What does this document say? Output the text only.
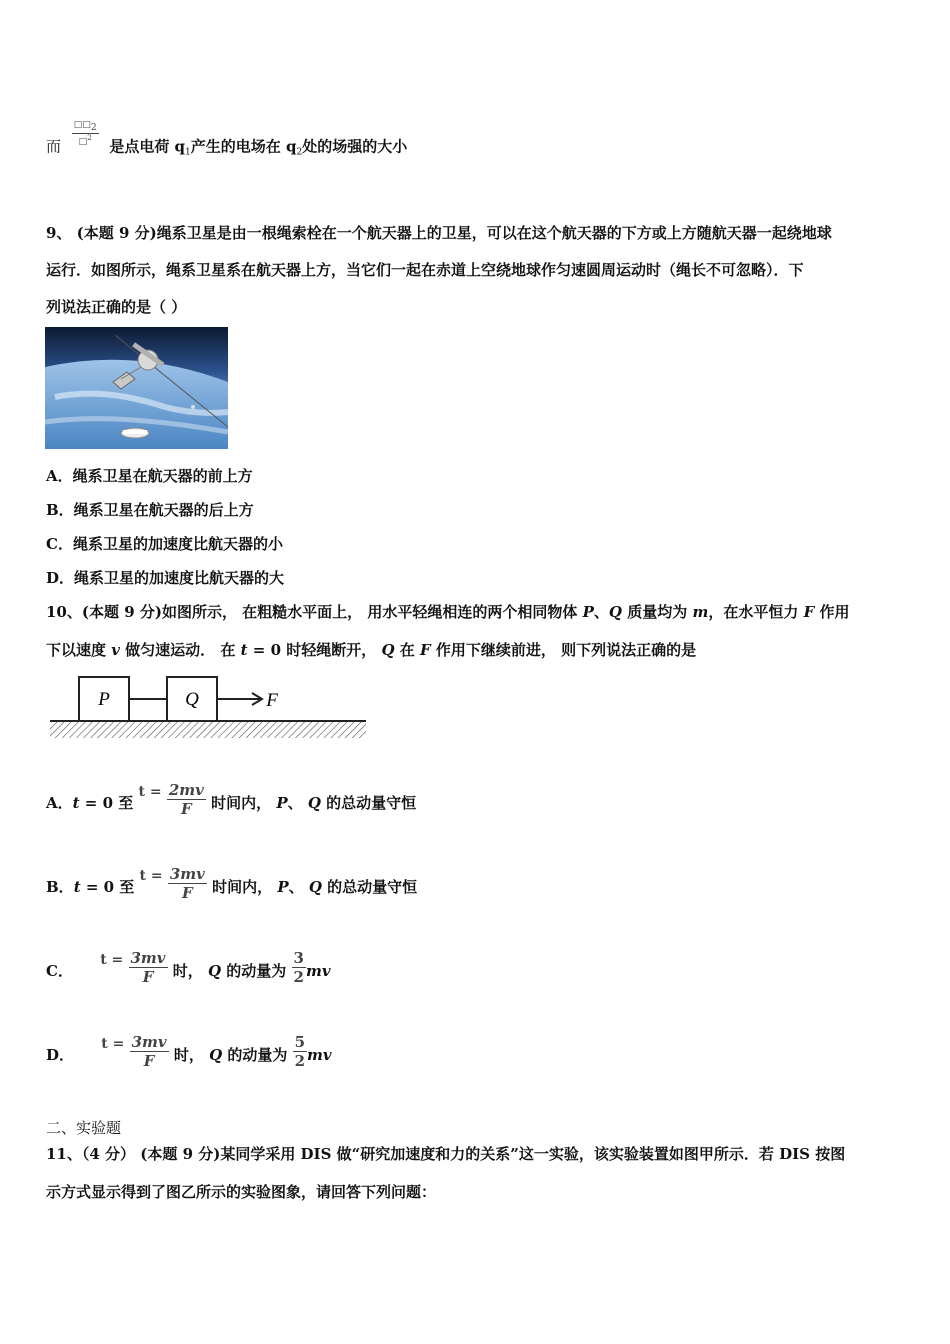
而 $\frac{□□2}{□^2}$ 是点电荷 $q_1$产生的电场在 $q_2$处的场强的大小
9、 (本题 9 分)绳系卫星是由一根绳索栓在一个航天器上的卫星，可以在这个航天器的下方或上方随航天器一起绕地球
运行．如图所示，绳系卫星系在航天器上方，当它们一起在赤道上空绕地球作匀速圆周运动时（绳长不可忽略）．下
列说法正确的是（ ）
A．绳系卫星在航天器的前上方
B．绳系卫星在航天器的后上方
C．绳系卫星的加速度比航天器的小
D．绳系卫星的加速度比航天器的大
10、(本题 9 分)如图所示， 在粗糙水平面上， 用水平轻绳相连的两个相同物体 P、Q 质量均为 m，在水平恒力 F 作用
下以速度 v 做匀速运动． 在 t = 0 时轻绳断开， Q 在 F 作用下继续前进， 则下列说法正确的是
P	Q	F
A．t = 0 至 $t = \frac{2mv}{F}$ 时间内， P、 Q 的总动量守恒
B．t = 0 至 $t = \frac{3mv}{F}$ 时间内， P、 Q 的总动量守恒
C． $t = \frac{3mv}{F}$ 时， Q 的动量为 $\frac{3}{2}$ mv
D． $t = \frac{3mv}{F}$ 时， Q 的动量为 $\frac{5}{2}$ mv
二、实验题
11、（4 分） (本题 9 分)某同学采用 DIS 做“研究加速度和力的关系”这一实验，该实验装置如图甲所示．若 DIS 按图
示方式显示得到了图乙所示的实验图象，请回答下列问题：
